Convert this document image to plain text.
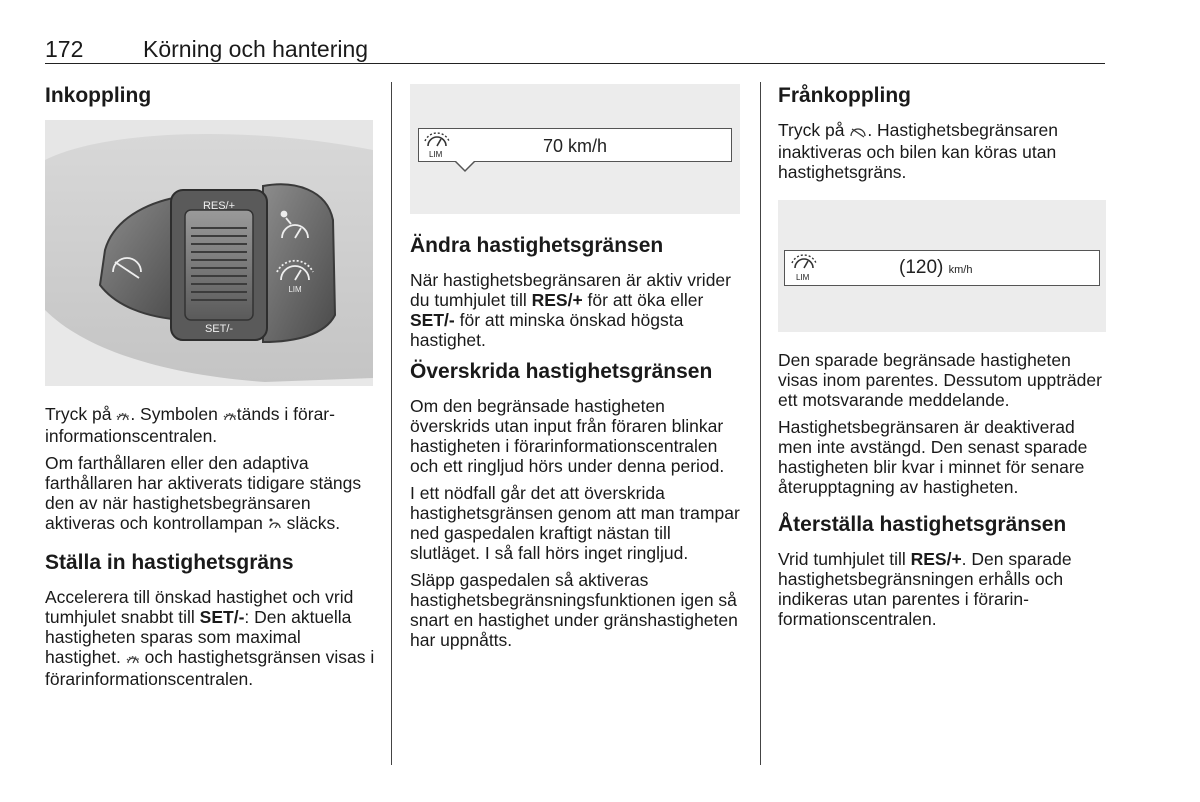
172	Körning och hantering
Inkoppling
RES/+
SET/-
LIM

Tryck på . Symbolen tänds i förarinformationscentralen.

Om farthållaren eller den adaptiva farthållaren har aktiverats tidigare stängs den av när hastighetsbegränsaren aktiveras och kontrollampan  släcks.

Ställa in hastighetsgräns

Accelerera till önskad hastighet och vrid tumhjulet snabbt till SET/-: Den aktuella hastigheten sparas som maximal hastighet.  och hastighetsgränsen visas i förarinformationscentralen.

LIM	70 km/h
Ändra hastighetsgränsen

När hastighetsbegränsaren är aktiv vrider du tumhjulet till RES/+ för att öka eller SET/- för att minska önskad högsta hastighet.

Överskrida hastighetsgränsen

Om den begränsade hastigheten överskrids utan input från föraren blinkar hastigheten i förarinformationscentralen och ett ringljud hörs under denna period.

I ett nödfall går det att överskrida hastighetsgränsen genom att man trampar ned gaspedalen kraftigt nästan till slutläget. I så fall hörs inget ringljud.

Släpp gaspedalen så aktiveras hastighetsbegränsningsfunktionen igen så snart en hastighet under gränshastigheten har uppnåtts.

Frånkoppling

Tryck på . Hastighetsbegränsaren inaktiveras och bilen kan köras utan hastighetsgräns.

LIM	(120) km/h

Den sparade begränsade hastigheten visas inom parentes. Dessutom uppträder ett motsvarande meddelande.

Hastighetsbegränsaren är deaktiverad men inte avstängd. Den senast sparade hastigheten blir kvar i minnet för senare återupptagning av hastigheten.

Återställa hastighetsgränsen

Vrid tumhjulet till RES/+. Den sparade hastighetsbegränsningen erhålls och indikeras utan parentes i förarinformationscentralen.
